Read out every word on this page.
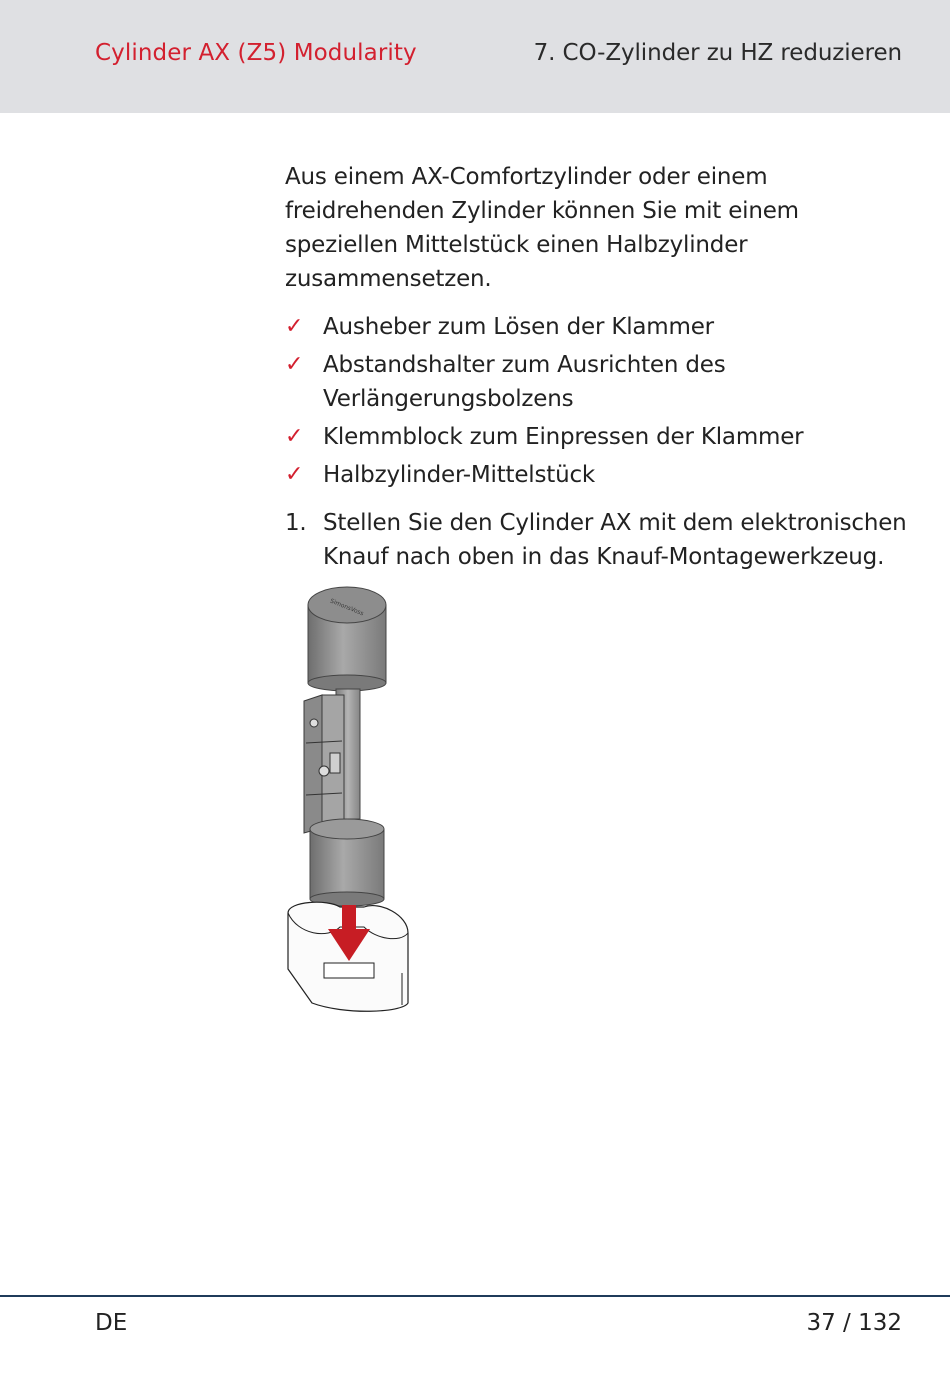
Cylinder AX (Z5) Modularity	7. CO-Zylinder zu HZ reduzieren

Aus einem AX-Comfortzylinder oder einem freidrehenden Zylinder können Sie mit einem speziellen Mittelstück einen Halbzylinder zusammensetzen.

✓ Ausheber zum Lösen der Klammer
✓ Abstandshalter zum Ausrichten des Verlängerungsbolzens
✓ Klemmblock zum Einpressen der Klammer
✓ Halbzylinder-Mittelstück
1. Stellen Sie den Cylinder AX mit dem elektronischen Knauf nach oben in das Knauf-Montagewerkzeug.
SimonsVoss
DE	37 / 132
